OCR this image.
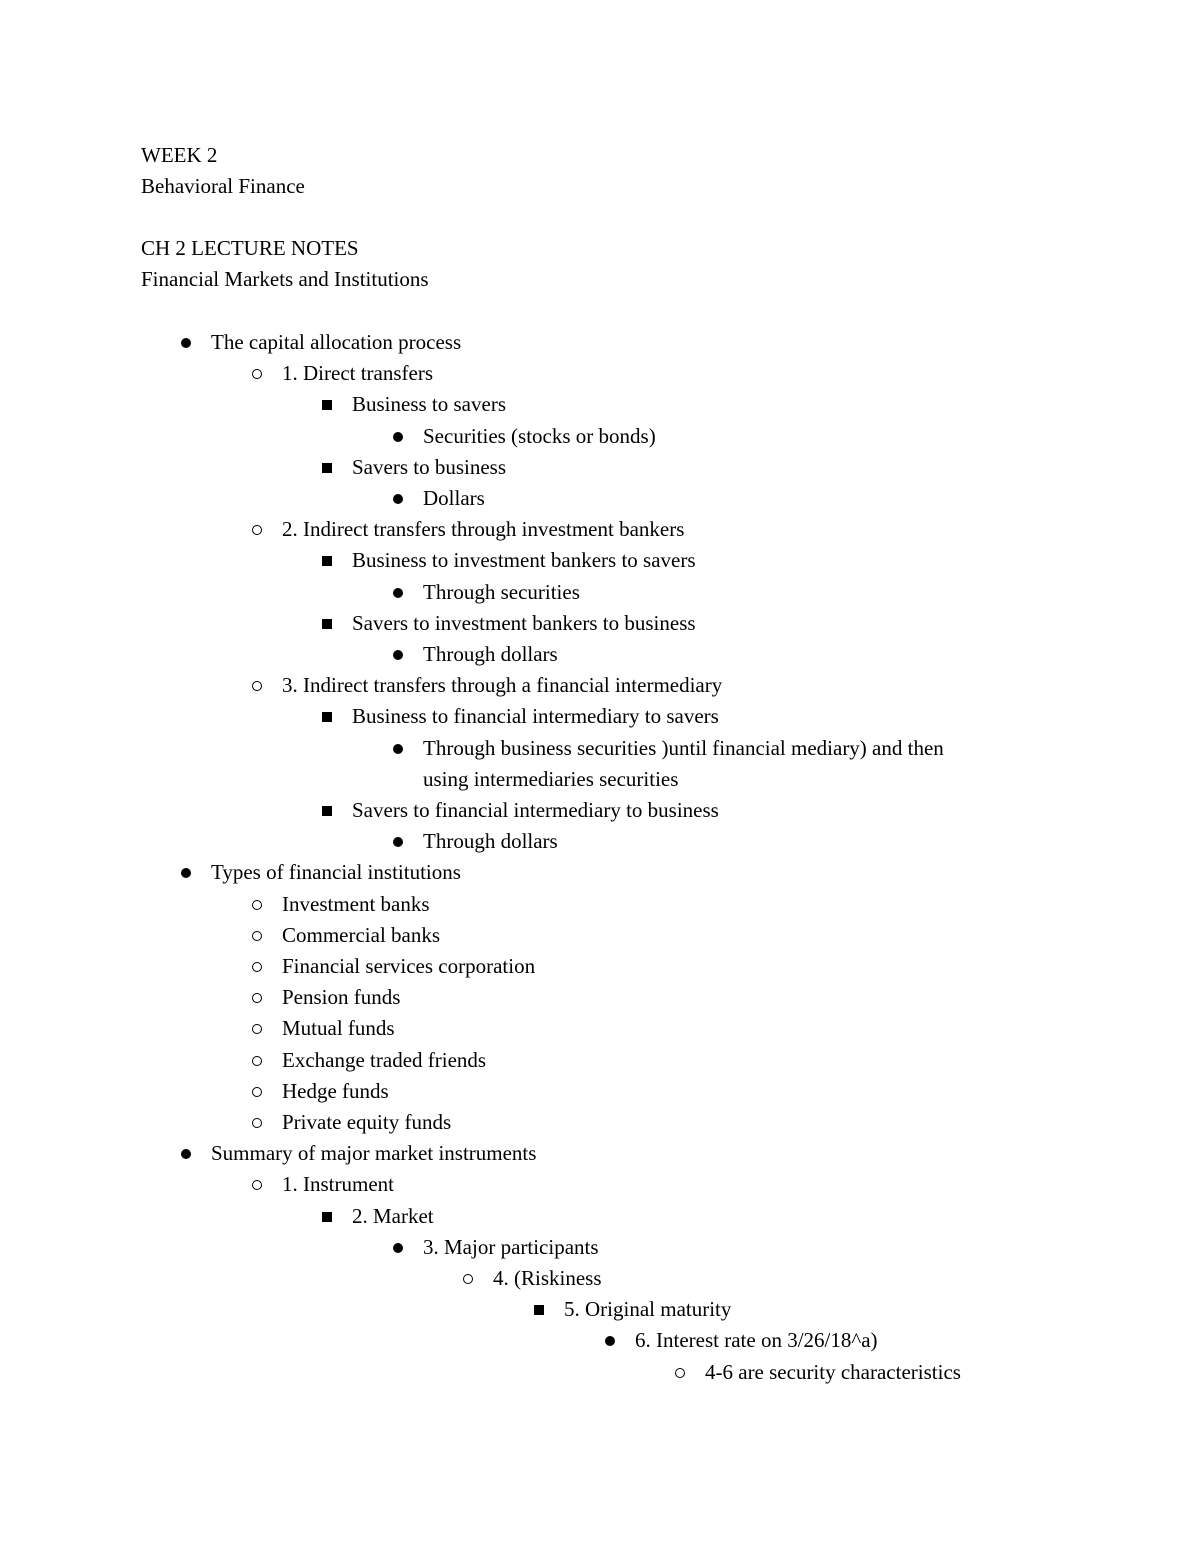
WEEK 2
Behavioral Finance
CH 2 LECTURE NOTES
Financial Markets and Institutions
The capital allocation process
1. Direct transfers
Business to savers
Securities (stocks or bonds)
Savers to business
Dollars
2. Indirect transfers through investment bankers
Business to investment bankers to savers
Through securities
Savers to investment bankers to business
Through dollars
3. Indirect transfers through a financial intermediary
Business to financial intermediary to savers
Through business securities )until financial mediary) and then
using intermediaries securities
Savers to financial intermediary to business
Through dollars
Types of financial institutions
Investment banks
Commercial banks
Financial services corporation
Pension funds
Mutual funds
Exchange traded friends
Hedge funds
Private equity funds
Summary of major market instruments
1. Instrument
2. Market
3. Major participants
4. (Riskiness
5. Original maturity
6. Interest rate on 3/26/18^a)
4-6 are security characteristics
